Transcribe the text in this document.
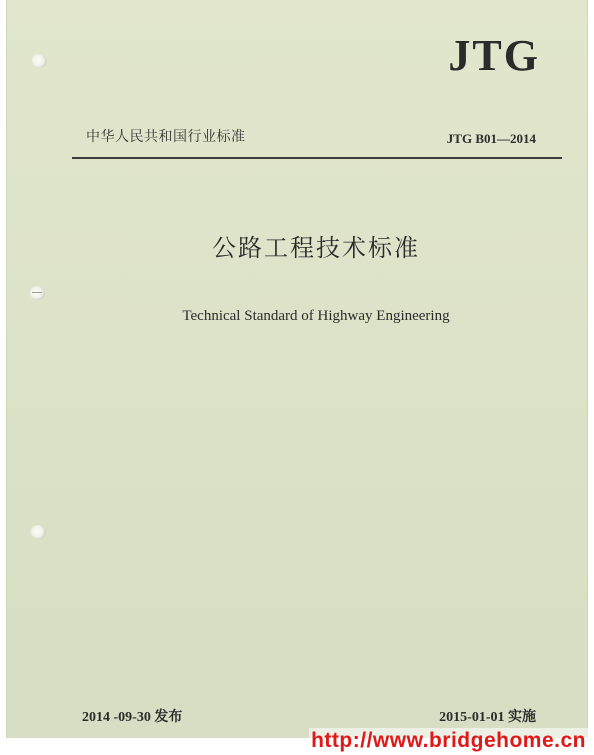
JTG
中华人民共和国行业标准	JTG B01—2014
公路工程技术标准
Technical Standard of Highway Engineering
2014 -09-30 发布	2015-01-01 实施
http://www.bridgehome.cn
